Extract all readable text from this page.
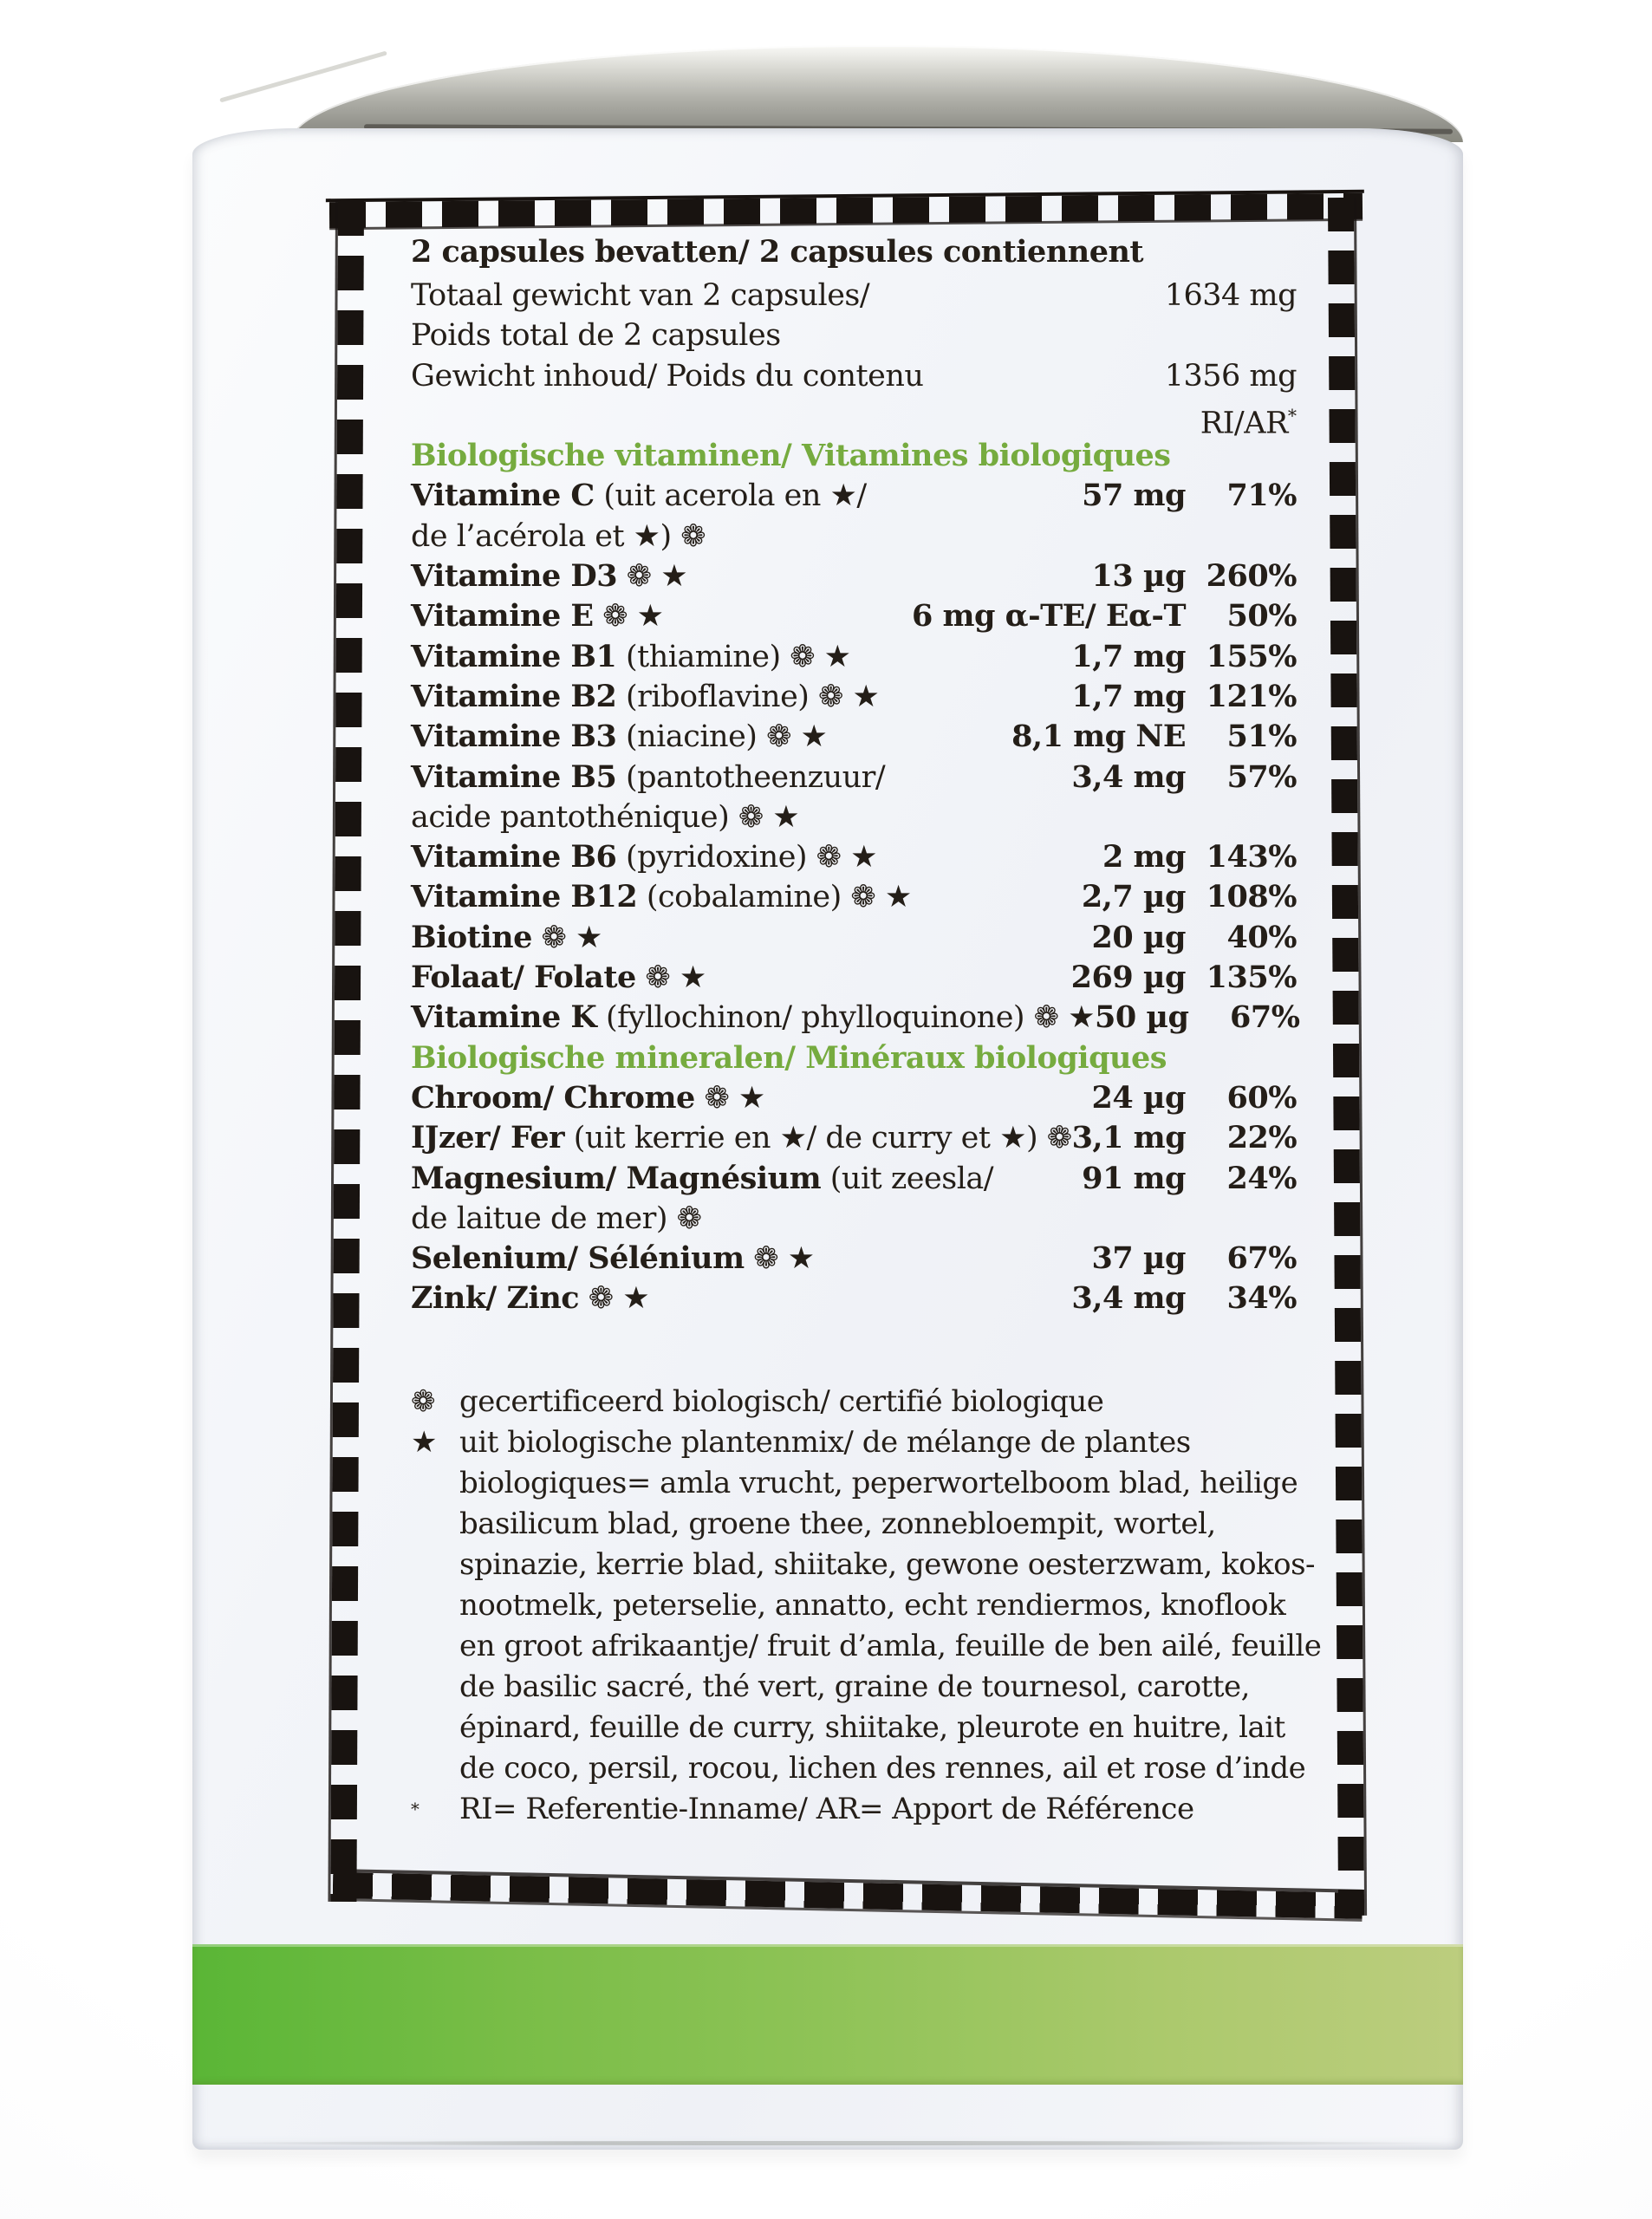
2 capsules bevatten/ 2 capsules contiennent
Totaal gewicht van 2 capsules/	1634 mg
Poids total de 2 capsules
Gewicht inhoud/ Poids du contenu	1356 mg
RI/AR*
Biologische vitaminen/ Vitamines biologiques
Vitamine C (uit acerola en ★/	57 mg	71%
de l’acérola et ★) ❁
Vitamine D3 ❁ ★	13 µg 260%
Vitamine E ❁ ★	6 mg α-TE/ Eα-T	50%
Vitamine B1 (thiamine) ❁ ★	1,7 mg 155%
Vitamine B2 (riboflavine) ❁ ★	1,7 mg 121%
Vitamine B3 (niacine) ❁ ★	8,1 mg NE	51%
Vitamine B5 (pantotheenzuur/	3,4 mg	57%
acide pantothénique) ❁ ★
Vitamine B6 (pyridoxine) ❁ ★	2 mg 143%
Vitamine B12 (cobalamine) ❁ ★	2,7 µg 108%
Biotine ❁ ★	20 µg	40%
Folaat/ Folate ❁ ★	269 µg 135%
Vitamine K (fyllochinon/ phylloquinone) ❁ ★ 50 µg	67%
Biologische mineralen/ Minéraux biologiques
Chroom/ Chrome ❁ ★	24 µg	60%
IJzer/ Fer (uit kerrie en ★/ de curry et ★) ❁ 3,1 mg	22%
Magnesium/ Magnésium (uit zeesla/	91 mg	24%
de laitue de mer) ❁
Selenium/ Sélénium ❁ ★	37 µg	67%
Zink/ Zinc ❁ ★	3,4 mg	34%
❁ gecertificeerd biologisch/ certifié biologique
★ uit biologische plantenmix/ de mélange de plantes
biologiques= amla vrucht, peperwortelboom blad, heilige
basilicum blad, groene thee, zonnebloempit, wortel,
spinazie, kerrie blad, shiitake, gewone oesterzwam, kokos-
nootmelk, peterselie, annatto, echt rendiermos, knoflook
en groot afrikaantje/ fruit d’amla, feuille de ben ailé, feuille
de basilic sacré, thé vert, graine de tournesol, carotte,
épinard, feuille de curry, shiitake, pleurote en huitre, lait
de coco, persil, rocou, lichen des rennes, ail et rose d’inde
*	RI= Referentie-Inname/ AR= Apport de Référence
